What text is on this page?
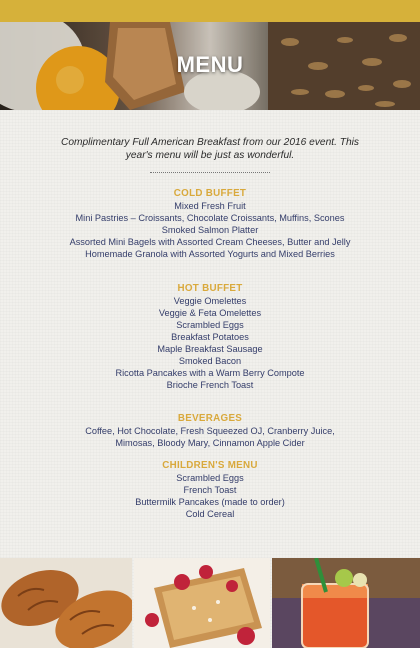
MENU
Complimentary Full American Breakfast from our 2016 event. This year's menu will be just as wonderful.
COLD BUFFET
Mixed Fresh Fruit
Mini Pastries – Croissants, Chocolate Croissants, Muffins, Scones
Smoked Salmon Platter
Assorted Mini Bagels with Assorted Cream Cheeses, Butter and Jelly
Homemade Granola with Assorted Yogurts and Mixed Berries
HOT BUFFET
Veggie Omelettes
Veggie & Feta Omelettes
Scrambled Eggs
Breakfast Potatoes
Maple Breakfast Sausage
Smoked Bacon
Ricotta Pancakes with a Warm Berry Compote
Brioche French Toast
BEVERAGES
Coffee, Hot Chocolate, Fresh Squeezed OJ, Cranberry Juice,
Mimosas, Bloody Mary, Cinnamon Apple Cider
CHILDREN'S MENU
Scrambled Eggs
French Toast
Buttermilk Pancakes (made to order)
Cold Cereal
